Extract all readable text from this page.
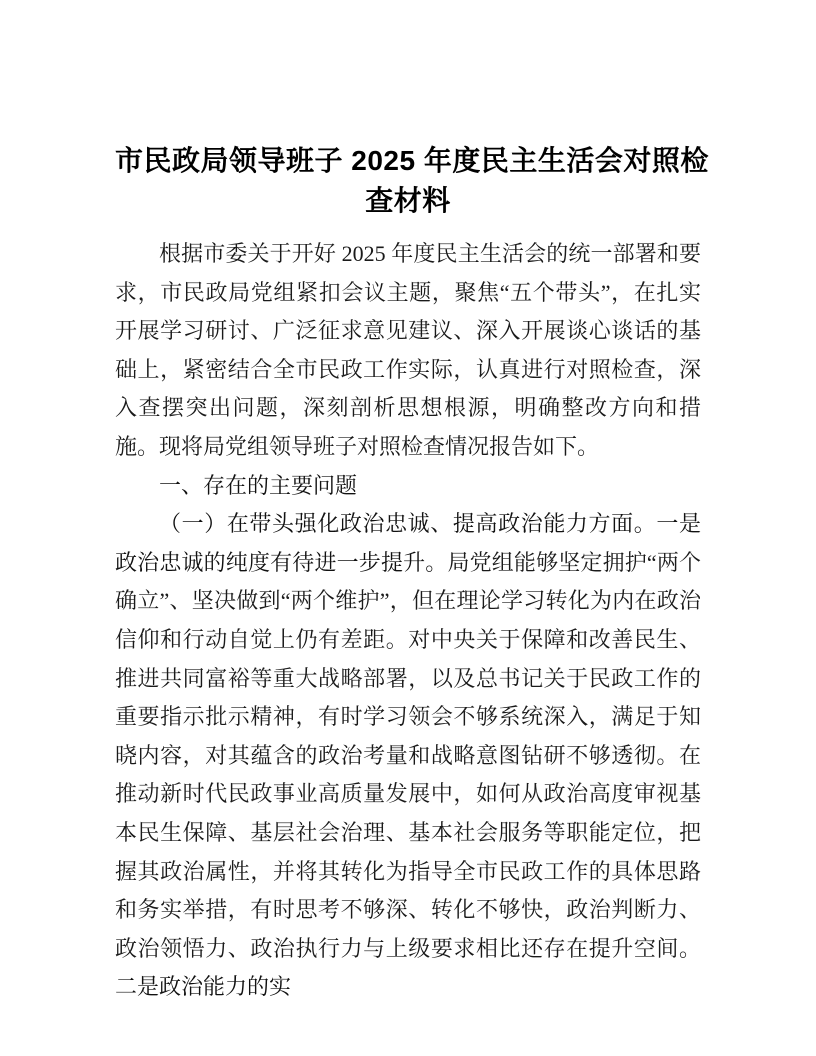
市民政局领导班子 2025 年度民主生活会对照检
查材料

根据市委关于开好 2025 年度民主生活会的统一部署和要求，市民政局党组紧扣会议主题，聚焦“五个带头”，在扎实开展学习研讨、广泛征求意见建议、深入开展谈心谈话的基础上，紧密结合全市民政工作实际，认真进行对照检查，深入查摆突出问题，深刻剖析思想根源，明确整改方向和措施。现将局党组领导班子对照检查情况报告如下。

一、存在的主要问题

（一）在带头强化政治忠诚、提高政治能力方面。一是政治忠诚的纯度有待进一步提升。局党组能够坚定拥护“两个确立”、坚决做到“两个维护”，但在理论学习转化为内在政治信仰和行动自觉上仍有差距。对中央关于保障和改善民生、推进共同富裕等重大战略部署，以及总书记关于民政工作的重要指示批示精神，有时学习领会不够系统深入，满足于知晓内容，对其蕴含的政治考量和战略意图钻研不够透彻。在推动新时代民政事业高质量发展中，如何从政治高度审视基本民生保障、基层社会治理、基本社会服务等职能定位，把握其政治属性，并将其转化为指导全市民政工作的具体思路和务实举措，有时思考不够深、转化不够快，政治判断力、政治领悟力、政治执行力与上级要求相比还存在提升空间。二是政治能力的实
